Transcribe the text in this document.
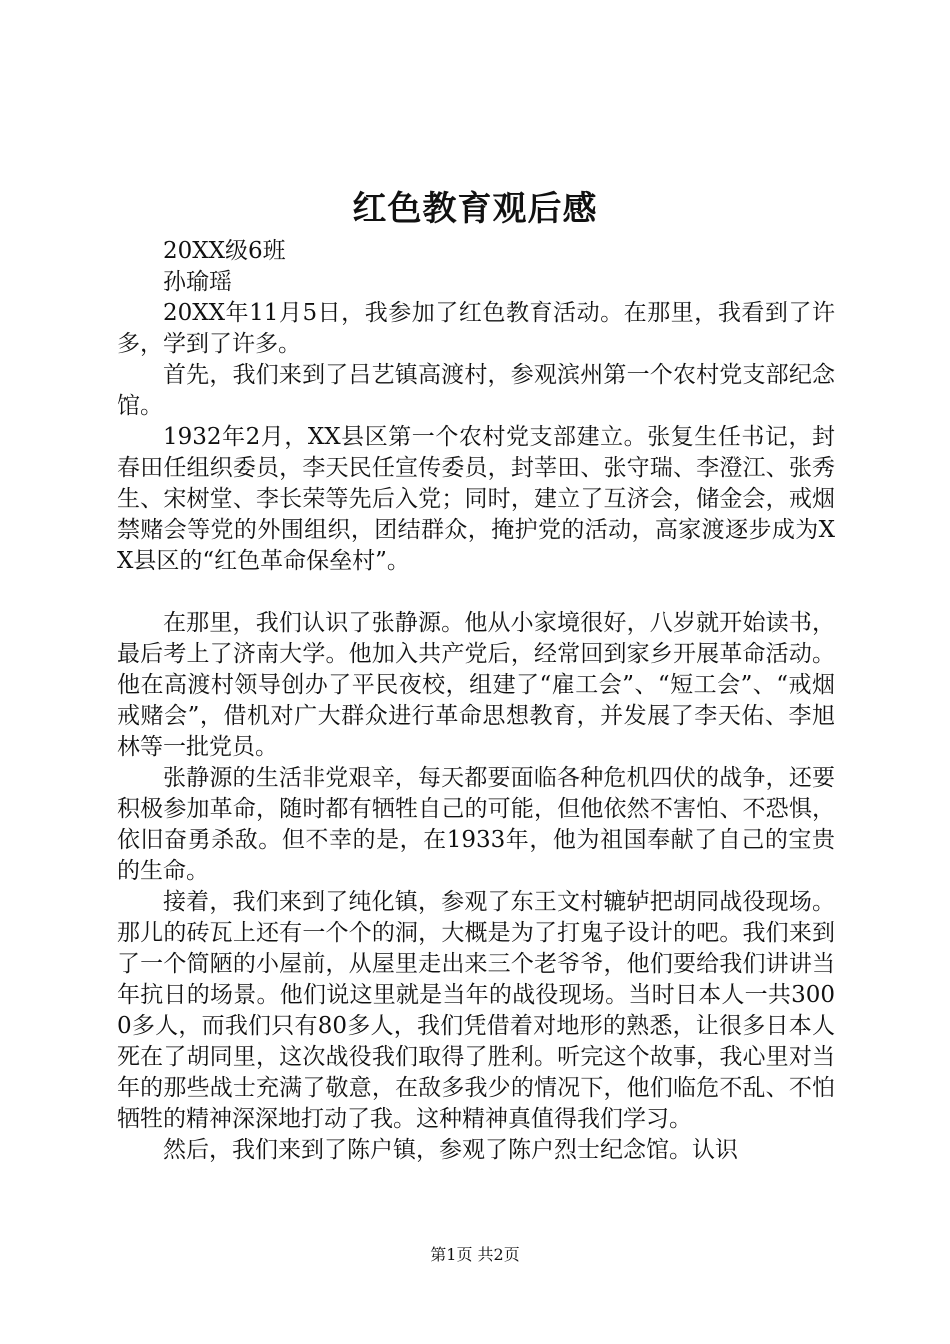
红色教育观后感

20XX级6班

孙瑜瑶

20XX年11月5日，我参加了红色教育活动。在那里，我看到了许多，学到了许多。

首先，我们来到了吕艺镇高渡村，参观滨州第一个农村党支部纪念馆。

1932年2月，XX县区第一个农村党支部建立。张复生任书记，封春田任组织委员，李天民任宣传委员，封莘田、张守瑞、李澄江、张秀生、宋树堂、李长荣等先后入党；同时，建立了互济会，储金会，戒烟禁赌会等党的外围组织，团结群众，掩护党的活动，高家渡逐步成为XX县区的“红色革命保垒村”。

在那里，我们认识了张静源。他从小家境很好，八岁就开始读书，最后考上了济南大学。他加入共产党后，经常回到家乡开展革命活动。他在高渡村领导创办了平民夜校，组建了“雇工会”、“短工会”、“戒烟戒赌会”，借机对广大群众进行革命思想教育，并发展了李天佑、李旭林等一批党员。

张静源的生活非党艰辛，每天都要面临各种危机四伏的战争，还要积极参加革命，随时都有牺牲自己的可能，但他依然不害怕、不恐惧，依旧奋勇杀敌。但不幸的是，在1933年，他为祖国奉献了自己的宝贵的生命。

接着，我们来到了纯化镇，参观了东王文村辘轳把胡同战役现场。那儿的砖瓦上还有一个个的洞，大概是为了打鬼子设计的吧。我们来到了一个简陋的小屋前，从屋里走出来三个老爷爷，他们要给我们讲讲当年抗日的场景。他们说这里就是当年的战役现场。当时日本人一共3000多人，而我们只有80多人，我们凭借着对地形的熟悉，让很多日本人死在了胡同里，这次战役我们取得了胜利。听完这个故事，我心里对当年的那些战士充满了敬意，在敌多我少的情况下，他们临危不乱、不怕牺牲的精神深深地打动了我。这种精神真值得我们学习。

然后，我们来到了陈户镇，参观了陈户烈士纪念馆。认识

第1页 共2页
